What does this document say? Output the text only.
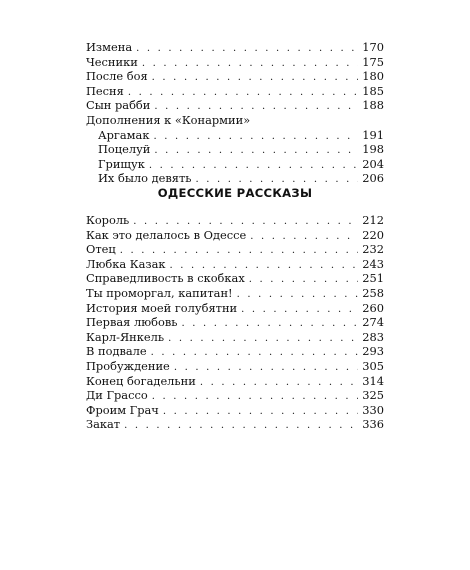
Измена . . .	170
Чесники . . .	175
После боя . . .	180
Песня . . .	185
Сын рабби . . .	188
Дополнения к «Конармии»
Аргамак . . .	191
Поцелуй . . .	198
Грищук . . .	204
Их было девять . . .	206
ОДЕССКИЕ РАССКАЗЫ
Король . . .	212
Как это делалось в Одессе . . .	220
Отец . . .	232
Любка Казак . . .	243
Справедливость в скобках . . .	251
Ты проморгал, капитан! . . .	258
История моей голубятни . . .	260
Первая любовь . . .	274
Карл-Янкель . . .	283
В подвале . . .	293
Пробуждение . . .	305
Конец богадельни . . .	314
Ди Грассо . . .	325
Фроим Грач . . .	330
Закат . . .	336
